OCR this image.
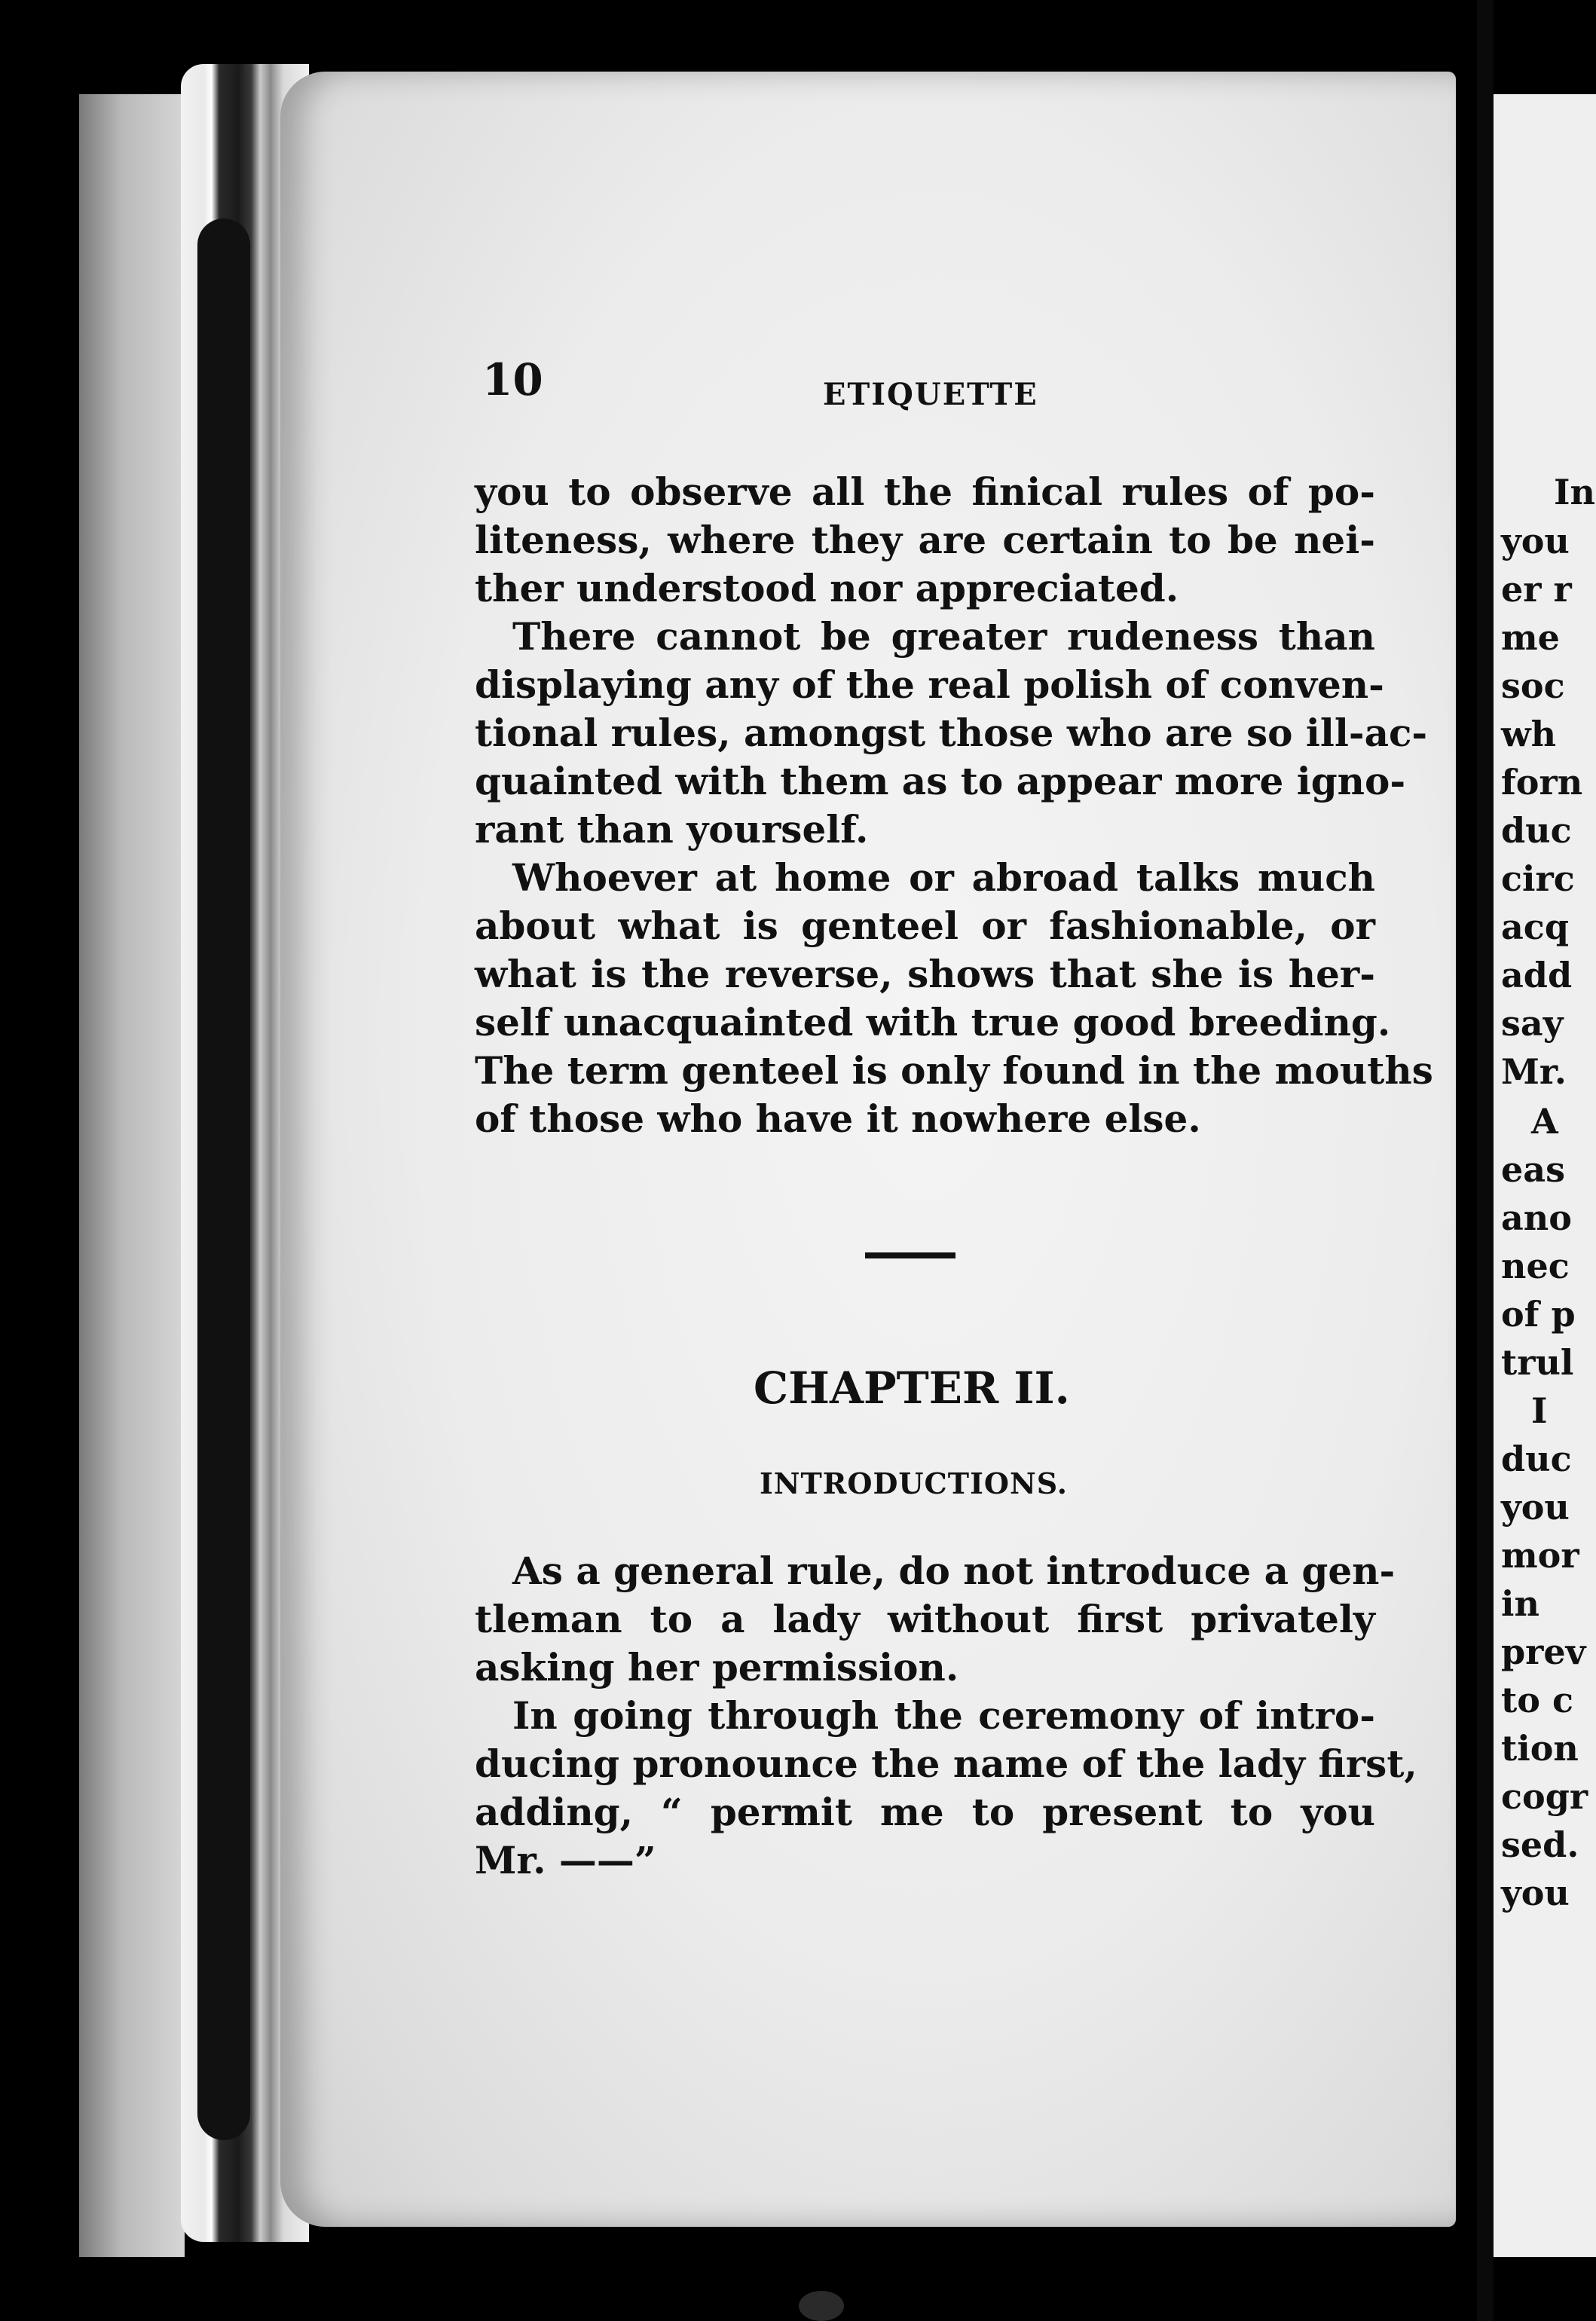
10	ETIQUETTE
you to observe all the finical rules of po-
liteness, where they are certain to be nei-
ther understood nor appreciated.
There cannot be greater rudeness than
displaying any of the real polish of conven-
tional rules, amongst those who are so ill-ac-
quainted with them as to appear more igno-
rant than yourself.
Whoever at home or abroad talks much
about what is genteel or fashionable, or
what is the reverse, shows that she is her-
self unacquainted with true good breeding.
The term genteel is only found in the mouths
of those who have it nowhere else.
CHAPTER II.
INTRODUCTIONS.
As a general rule, do not introduce a gen-
tleman to a lady without first privately
asking her permission.
In going through the ceremony of intro-
ducing pronounce the name of the lady first,
adding, “ permit me to present to you
Mr. ——”
In
you
er r
me
soc
wh
forn
duc
circ
acq
add
say
Mr.
A
eas
ano
nec
of p
trul
I
duc
you
mor
in
prev
to c
tion
cogr
sed.
you
